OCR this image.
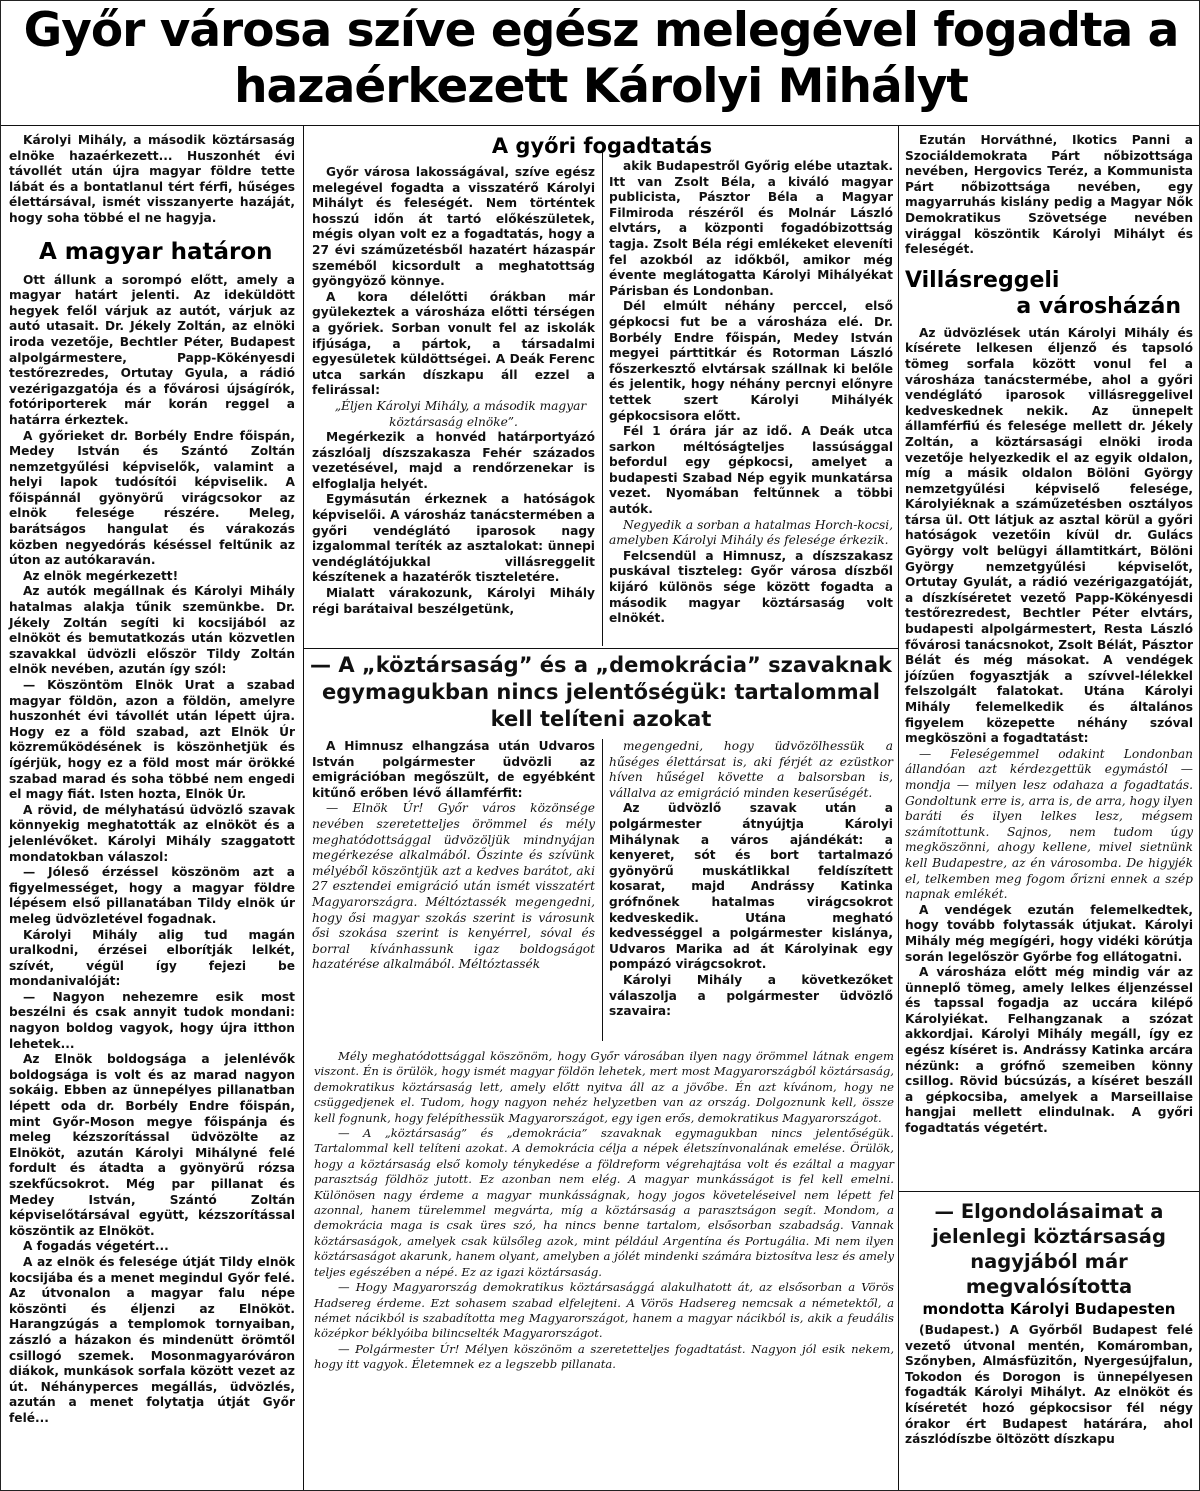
Győr városa szíve egész melegével fogadta a hazaérkezett Károlyi Mihályt

Károlyi Mihály, a második köztársaság elnöke hazaérkezett... Huszonhét évi távollét után újra magyar földre tette lábát és a bontatlanul tért férfi, hűséges élettársával, ismét visszanyerte hazáját, hogy soha többé el ne hagyja.

A magyar határon

Ott állunk a sorompó előtt, amely a magyar határt jelenti. Az ideküldött hegyek felől várjuk az autót, várjuk az autó utasait. Dr. Jékely Zoltán, az elnöki iroda vezetője, Bechtler Péter, Budapest alpolgármestere, Papp-Kökényesdi testőrezredes, Ortutay Gyula, a rádió vezérigazgatója és a fővárosi újságírók, fotóriporterek már korán reggel a határra érkeztek.

A győrieket dr. Borbély Endre főispán, Medey István és Szántó Zoltán nemzetgyűlési képviselők, valamint a helyi lapok tudósítói képviselik. A főispánnál gyönyörű virágcsokor az elnök felesége részére. Meleg, barátságos hangulat és várakozás közben negyedórás késéssel feltűnik az úton az autókaraván.

Az elnök megérkezett!

Az autók megállnak és Károlyi Mihály hatalmas alakja tűnik szemünkbe. Dr. Jékely Zoltán segíti ki kocsijából az elnököt és bemutatkozás után közvetlen szavakkal üdvözli először Tildy Zoltán elnök nevében, azután így szól:

— Köszöntöm Elnök Urat a szabad magyar földön, azon a földön, amelyre huszonhét évi távollét után lépett újra. Hogy ez a föld szabad, azt Elnök Úr közreműködésének is köszönhetjük és ígérjük, hogy ez a föld most már örökké szabad marad és soha többé nem engedi el magy fiát. Isten hozta, Elnök Úr.

A rövid, de mélyhatású üdvözlő szavak könnyekig meghatották az elnököt és a jelenlévőket. Károlyi Mihály szaggatott mondatokban válaszol:

— Jóleső érzéssel köszönöm azt a figyelmességet, hogy a magyar földre lépésem első pillanatában Tildy elnök úr meleg üdvözletével fogadnak.

Károlyi Mihály alig tud magán uralkodni, érzései elborítják lelkét, szívét, végül így fejezi be mondanivalóját:

— Nagyon nehezemre esik most beszélni és csak annyit tudok mondani: nagyon boldog vagyok, hogy újra itthon lehetek...

Az Elnök boldogsága a jelenlévők boldogsága is volt és az marad nagyon sokáig. Ebben az ünnepélyes pillanatban lépett oda dr. Borbély Endre főispán, mint Győr-Moson megye főispánja és meleg kézszorítással üdvözölte az Elnököt, azután Károlyi Mihályné felé fordult és átadta a gyönyörű rózsa szekfűcsokrot. Még par pillanat és Medey István, Szántó Zoltán képviselőtársával együtt, kézszorítással köszöntik az Elnököt.

A fogadás végetért...

A az elnök és felesége útját Tildy elnök kocsijába és a menet megindul Győr felé. Az útvonalon a magyar falu népe köszönti és éljenzi az Elnököt. Harangzúgás a templomok tornyaiban, zászló a házakon és mindenütt örömtől csillogó szemek. Mosonmagyaróváron diákok, munkások sorfala között vezet az út. Néhányperces megállás, üdvözlés, azután a menet folytatja útját Győr felé...

A győri fogadtatás

Győr városa lakosságával, szíve egész melegével fogadta a visszatérő Károlyi Mihályt és feleségét. Nem történtek hosszú időn át tartó előkészületek, mégis olyan volt ez a fogadtatás, hogy a 27 évi száműzetésből hazatért házaspár szeméből kicsordult a meghatottság gyöngyöző könnye.

A kora délelőtti órákban már gyülekeztek a városháza előtti térségen a győriek. Sorban vonult fel az iskolák ifjúsága, a pártok, a társadalmi egyesületek küldöttségei. A Deák Ferenc utca sarkán díszkapu áll ezzel a felirással:

„Éljen Károlyi Mihály, a második magyar köztársaság elnöke”.

Megérkezik a honvéd határportyázó zászlóalj díszszakasza Fehér százados vezetésével, majd a rendőrzenekar is elfoglalja helyét.

Egymásután érkeznek a hatóságok képviselői. A városház tanácstermében a győri vendéglátó iparosok nagy izgalommal teríték az asztalokat: ünnepi vendéglátójukkal villásreggelit készítenek a hazatérők tiszteletére.

Mialatt várakozunk, Károlyi Mihály régi barátaival beszélgetünk,

akik Budapestről Győrig elébe utaztak. Itt van Zsolt Béla, a kiváló magyar publicista, Pásztor Béla a Magyar Filmiroda részéről és Molnár László elvtárs, a központi fogadóbizottság tagja. Zsolt Béla régi emlékeket eleveníti fel azokból az időkből, amikor még évente meglátogatta Károlyi Mihályékat Párisban és Londonban.

Dél elmúlt néhány perccel, első gépkocsi fut be a városháza elé. Dr. Borbély Endre főispán, Medey István megyei párttitkár és Rotorman László főszerkesztő elvtársak szállnak ki belőle és jelentik, hogy néhány percnyi előnyre tettek szert Károlyi Mihályék gépkocsisora előtt.

Fél 1 órára jár az idő. A Deák utca sarkon méltóságteljes lassúsággal befordul egy gépkocsi, amelyet a budapesti Szabad Nép egyik munkatársa vezet. Nyomában feltűnnek a többi autók.

Negyedik a sorban a hatalmas Horch-kocsi, amelyben Károlyi Mihály és felesége érkezik.

Felcsendül a Himnusz, a díszszakasz puskával tiszteleg: Győr városa díszből kijáró különös sége között fogadta a második magyar köztársaság volt elnökét.

— A „köztársaság” és a „demokrácia” szavaknak egymagukban nincs jelentőségük: tartalommal kell telíteni azokat

A Himnusz elhangzása után Udvaros István polgármester üdvözli az emigrációban megőszült, de egyébként kitűnő erőben lévő államférfit:

— Elnök Úr! Győr város közönsége nevében szeretetteljes örömmel és mély meghatódottsággal üdvözöljük mindnyájan megérkezése alkalmából. Őszinte és szívünk mélyéből köszöntjük azt a kedves barátot, aki 27 esztendei emigráció után ismét visszatért Magyarországra. Méltóztassék megengedni, hogy ősi magyar szokás szerint is városunk ősi szokása szerint is kenyérrel, sóval és borral kívánhassunk igaz boldogságot hazatérése alkalmából. Méltóztassék

megengedni, hogy üdvözölhessük a hűséges élettársat is, aki férjét az ezüstkor híven hűségel követte a balsorsban is, vállalva az emigráció minden keserűségét.

Az üdvözlő szavak után a polgármester átnyújtja Károlyi Mihálynak a város ajándékát: a kenyeret, sót és bort tartalmazó gyönyörű muskátlikkal feldíszített kosarat, majd Andrássy Katinka grófnőnek hatalmas virágcsokrot kedveskedik. Utána megható kedvességgel a polgármester kislánya, Udvaros Marika ad át Károlyinak egy pompázó virágcsokrot.

Károlyi Mihály a következőket válaszolja a polgármester üdvözlő szavaira:

Mély meghatódottsággal köszönöm, hogy Győr városában ilyen nagy örömmel látnak engem viszont. Én is örülök, hogy ismét magyar földön lehetek, mert most Magyarországból köztársaság, demokratikus köztársaság lett, amely előtt nyitva áll az a jövőbe. Én azt kívánom, hogy ne csüggedjenek el. Tudom, hogy nagyon nehéz helyzetben van az ország. Dolgoznunk kell, össze kell fognunk, hogy felépíthessük Magyarországot, egy igen erős, demokratikus Magyarországot.

— A „köztársaság” és „demokrácia” szavaknak egymagukban nincs jelentőségük. Tartalommal kell telíteni azokat. A demokrácia célja a népek életszínvonalának emelése. Örülök, hogy a köztársaság első komoly ténykedése a földreform végrehajtása volt és ezáltal a magyar parasztság földhöz jutott. Ez azonban nem elég. A magyar munkásságot is fel kell emelni. Különösen nagy érdeme a magyar munkásságnak, hogy jogos követeléseivel nem lépett fel azonnal, hanem türelemmel megvárta, míg a köztársaság a parasztságon segít. Mondom, a demokrácia maga is csak üres szó, ha nincs benne tartalom, elsősorban szabadság. Vannak köztársaságok, amelyek csak külsőleg azok, mint például Argentína és Portugália. Mi nem ilyen köztársaságot akarunk, hanem olyant, amelyben a jólét mindenki számára biztosítva lesz és amely teljes egészében a népé. Ez az igazi köztársaság.

— Hogy Magyarország demokratikus köztársasággá alakulhatott át, az elsősorban a Vörös Hadsereg érdeme. Ezt sohasem szabad elfelejteni. A Vörös Hadsereg nemcsak a németektől, a német nácikból is szabadította meg Magyarországot, hanem a magyar nácikból is, akik a feudális középkor béklyóiba bilincselték Magyarországot.

— Polgármester Úr! Mélyen köszönöm a szeretetteljes fogadtatást. Nagyon jól esik nekem, hogy itt vagyok. Életemnek ez a legszebb pillanata.

Ezután Horváthné, Ikotics Panni a Szociáldemokrata Párt nőbizottsága nevében, Hergovics Teréz, a Kommunista Párt nőbizottsága nevében, egy magyarruhás kislány pedig a Magyar Nők Demokratikus Szövetsége nevében virággal köszöntik Károlyi Mihályt és feleségét.

Villásreggeli
a városházán

Az üdvözlések után Károlyi Mihály és kísérete lelkesen éljenző és tapsoló tömeg sorfala között vonul fel a városháza tanácstermébe, ahol a győri vendéglátó iparosok villásreggelivel kedveskednek nekik. Az ünnepelt államférfiú és felesége mellett dr. Jékely Zoltán, a köztársasági elnöki iroda vezetője helyezkedik el az egyik oldalon, míg a másik oldalon Bölöni György nemzetgyűlési képviselő felesége, Károlyiéknak a száműzetésben osztályos társa ül. Ott látjuk az asztal körül a győri hatóságok vezetőin kívül dr. Gulács György volt belügyi államtitkárt, Bölöni György nemzetgyűlési képviselőt, Ortutay Gyulát, a rádió vezérigazgatóját, a díszkíséretet vezető Papp-Kökényesdi testőrezredest, Bechtler Péter elvtárs, budapesti alpolgármestert, Resta László fővárosi tanácsnokot, Zsolt Bélát, Pásztor Bélát és még másokat. A vendégek jóízűen fogyasztják a szívvel-lélekkel felszolgált falatokat. Utána Károlyi Mihály felemelkedik és általános figyelem közepette néhány szóval megköszöni a fogadtatást:

— Feleségemmel odakint Londonban állandóan azt kérdezgettük egymástól — mondja — milyen lesz odahaza a fogadtatás. Gondoltunk erre is, arra is, de arra, hogy ilyen baráti és ilyen lelkes lesz, mégsem számítottunk. Sajnos, nem tudom úgy megköszönni, ahogy kellene, mivel sietnünk kell Budapestre, az én városomba. De higyjék el, telkemben meg fogom őrizni ennek a szép napnak emlékét.

A vendégek ezután felemelkedtek, hogy tovább folytassák útjukat. Károlyi Mihály még megígéri, hogy vidéki körútja során legelőször Győrbe fog ellátogatni.

A városháza előtt még mindig vár az ünneplő tömeg, amely lelkes éljenzéssel és tapssal fogadja az uccára kilépő Károlyiékat. Felhangzanak a szózat akkordjai. Károlyi Mihály megáll, így ez egész kíséret is. Andrássy Katinka arcára nézünk: a grófnő szemeiben könny csillog. Rövid búcsúzás, a kíséret beszáll a gépkocsiba, amelyek a Marseillaise hangjai mellett elindulnak. A győri fogadtatás végetért.

— Elgondolásaimat a jelenlegi köztársaság nagyjából már megvalósította
mondotta Károlyi Budapesten

(Budapest.) A Győrből Budapest felé vezető útvonal mentén, Komáromban, Szőnyben, Almásfüzitőn, Nyergesújfalun, Tokodon és Dorogon is ünnepélyesen fogadták Károlyi Mihályt. Az elnököt és kíséretét hozó gépkocsisor fél négy órakor ért Budapest határára, ahol zászlódíszbe öltözött díszkapu
